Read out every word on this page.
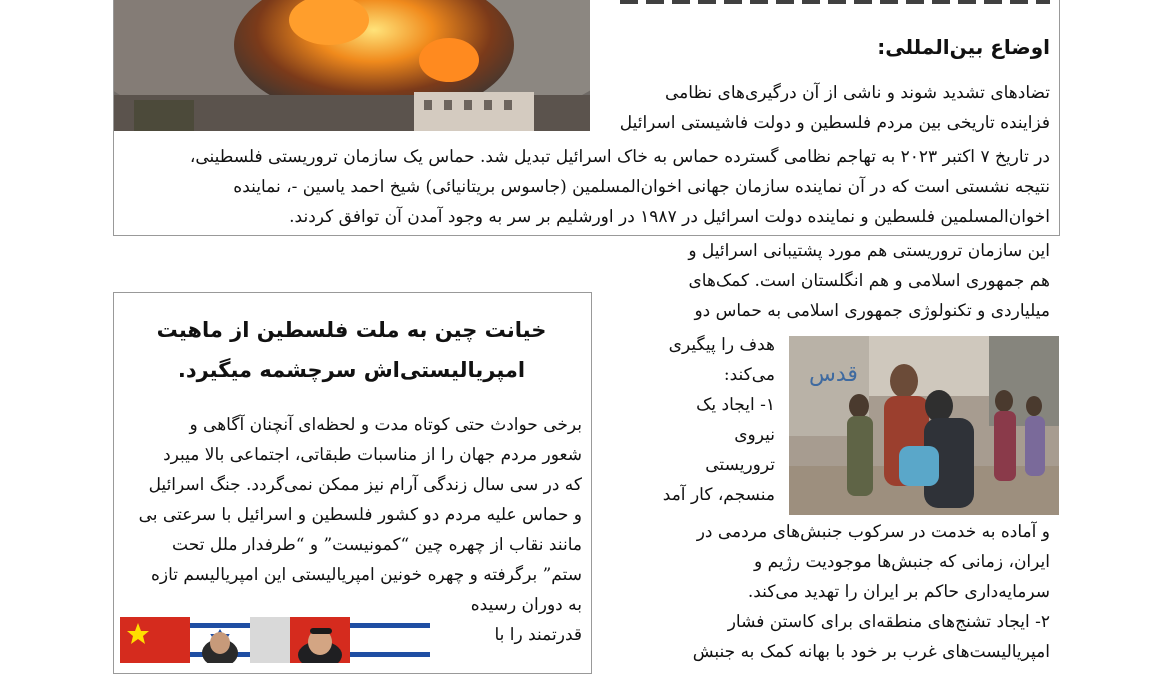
اوضاع بین‌المللی:
تضادهای تشدید شوند و ناشی از آن درگیری‌های نظامی
فزاینده تاریخی بین مردم فلسطین و دولت فاشیستی اسرائیل
در تاریخ ۷ اکتبر ۲۰۲۳ به تهاجم نظامی گسترده حماس به خاک اسرائیل تبدیل شد. حماس یک سازمان تروریستی فلسطینی،
نتیجه نشستی است که در آن نماینده سازمان جهانی اخوان‌المسلمین (جاسوس بریتانیائی) شیخ احمد یاسین -، نماینده
اخوان‌المسلمین فلسطین و نماینده دولت اسرائیل در ۱۹۸۷ در اورشلیم بر سر به وجود آمدن آن توافق کردند.
این سازمان تروریستی هم مورد پشتیبانی اسرائیل و
هم جمهوری اسلامی و هم انگلستان است. کمک‌های
میلیاردی و تکنولوژی جمهوری اسلامی به حماس دو
هدف را پیگیری
می‌کند:
۱- ایجاد یک
نیروی
تروریستی
منسجم، کار آمد
قدس
و آماده به خدمت در سرکوب جنبش‌های مردمی در
ایران، زمانی که جنبش‌ها موجودیت رژیم و
سرمایه‌داری حاکم بر ایران را تهدید می‌کند.
۲- ایجاد تشنج‌های منطقه‌ای برای کاستن فشار
امپریالیست‌های غرب بر خود با بهانه کمک به جنبش
خیانت چین به ملت فلسطین از ماهیت
امپریالیستی‌اش سرچشمه میگیرد.
برخی حوادث حتی کوتاه مدت و لحظه‌ای آنچنان آگاهی و
شعور مردم جهان را از مناسبات طبقاتی، اجتماعی بالا میبرد
که در سی سال زندگی آرام نیز ممکن نمی‌گردد. جنگ اسرائیل
و حماس علیه مردم دو کشور فلسطین و اسرائیل با سرعتی بی
مانند نقاب از چهره چین “کمونیست” و “طرفدار ملل تحت
ستم” برگرفته و چهره خونین امپریالیستی این امپریالیسم تازه
به دوران رسیده
قدرتمند را با
